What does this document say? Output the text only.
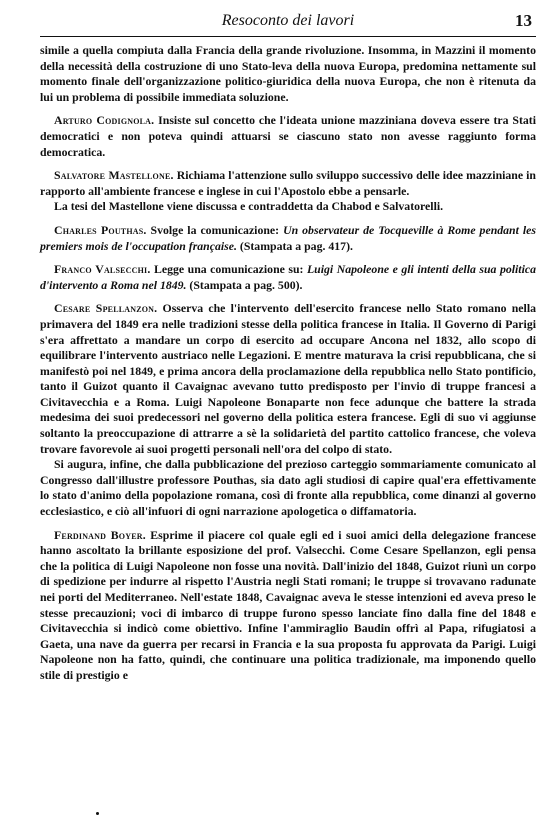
Resoconto dei lavori	13

simile a quella compiuta dalla Francia della grande rivoluzione. Insomma, in Mazzini il momento della necessità della costruzione di uno Stato-leva della nuova Europa, predomina nettamente sul momento finale dell'organizzazione politico-giuridica della nuova Europa, che non è ritenuta da lui un problema di possibile immediata soluzione.

Arturo Codignola. Insiste sul concetto che l'ideata unione mazziniana doveva essere tra Stati democratici e non poteva quindi attuarsi se ciascuno stato non avesse raggiunto forma democratica.

Salvatore Mastellone. Richiama l'attenzione sullo sviluppo successivo delle idee mazziniane in rapporto all'ambiente francese e inglese in cui l'Apostolo ebbe a pensarle.

La tesi del Mastellone viene discussa e contraddetta da Chabod e Salvatorelli.

Charles Pouthas. Svolge la comunicazione: Un observateur de Tocqueville à Rome pendant les premiers mois de l'occupation française. (Stampata a pag. 417).

Franco Valsecchi. Legge una comunicazione su: Luigi Napoleone e gli intenti della sua politica d'intervento a Roma nel 1849. (Stampata a pag. 500).

Cesare Spellanzon. Osserva che l'intervento dell'esercito francese nello Stato romano nella primavera del 1849 era nelle tradizioni stesse della politica francese in Italia. Il Governo di Parigi s'era affrettato a mandare un corpo di esercito ad occupare Ancona nel 1832, allo scopo di equilibrare l'intervento austriaco nelle Legazioni. E mentre maturava la crisi repubblicana, che si manifestò poi nel 1849, e prima ancora della proclamazione della repubblica nello Stato pontificio, tanto il Guizot quanto il Cavaignac avevano tutto predisposto per l'invio di truppe francesi a Civitavecchia e a Roma. Luigi Napoleone Bonaparte non fece adunque che battere la strada medesima dei suoi predecessori nel governo della politica estera francese. Egli di suo vi aggiunse soltanto la preoccupazione di attrarre a sè la solidarietà del partito cattolico francese, che voleva trovare favorevole ai suoi progetti personali nell'ora del colpo di stato.

Si augura, infine, che dalla pubblicazione del prezioso carteggio sommariamente comunicato al Congresso dall'illustre professore Pouthas, sia dato agli studiosi di capire qual'era effettivamente lo stato d'animo della popolazione romana, così di fronte alla repubblica, come dinanzi al governo ecclesiastico, e ciò all'infuori di ogni narrazione apologetica o diffamatoria.

Ferdinand Boyer. Esprime il piacere col quale egli ed i suoi amici della delegazione francese hanno ascoltato la brillante esposizione del prof. Valsecchi. Come Cesare Spellanzon, egli pensa che la politica di Luigi Napoleone non fosse una novità. Dall'inizio del 1848, Guizot riunì un corpo di spedizione per indurre al rispetto l'Austria negli Stati romani; le truppe si trovavano radunate nei porti del Mediterraneo. Nell'estate 1848, Cavaignac aveva le stesse intenzioni ed aveva preso le stesse precauzioni; voci di imbarco di truppe furono spesso lanciate fino dalla fine del 1848 e Civitavecchia si indicò come obiettivo. Infine l'ammiraglio Baudin offrì al Papa, rifugiatosi a Gaeta, una nave da guerra per recarsi in Francia e la sua proposta fu approvata da Parigi. Luigi Napoleone non ha fatto, quindi, che continuare una politica tradizionale, ma imponendo quello stile di prestigio e
